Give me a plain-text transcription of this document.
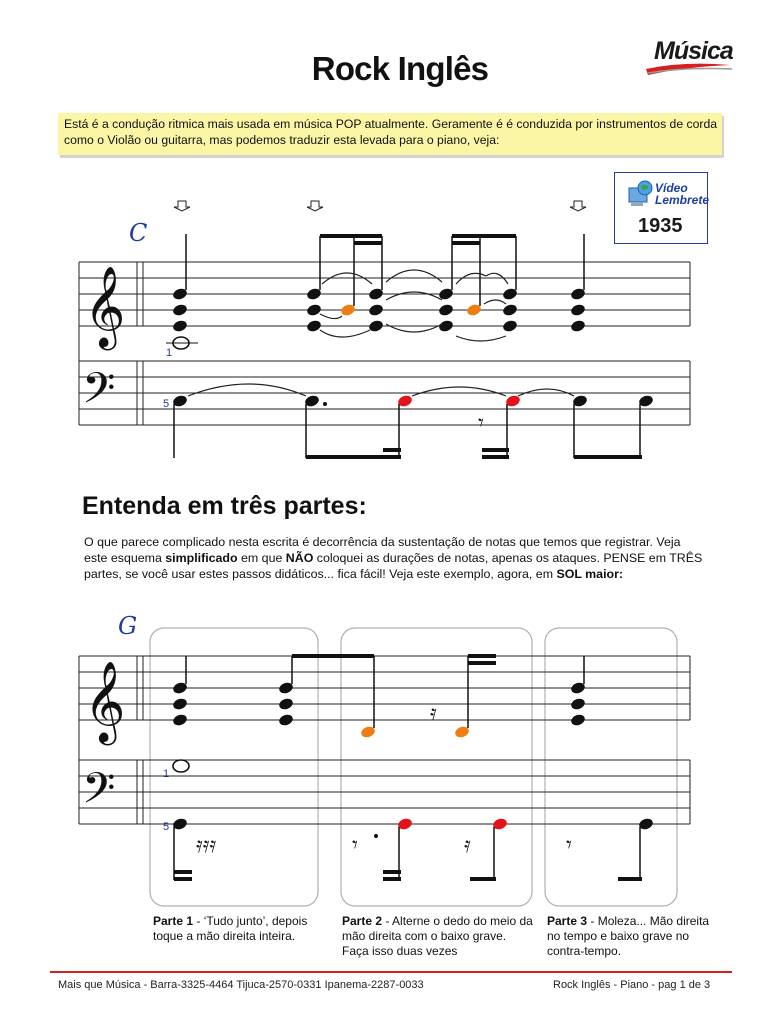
Rock Inglês	Música
Está é a condução ritmica mais usada em música POP atualmente. Geramente é é conduzida por instrumentos de corda como o Violão ou guitarra, mas podemos traduzir esta levada para o piano, veja:
Vídeo
Lembrete
1935
C
1
5
𝄞
𝄢	𝄾
Entenda em três partes:
O que parece complicado nesta escrita é decorrência da sustentação de notas que temos que registrar. Veja este esquema simplificado em que NÃO coloquei as durações de notas, apenas os ataques. PENSE em TRÊS partes, se você usar estes passos didáticos... fica fácil! Veja este exemplo, agora, em SOL maior:
G
1
5
𝄞
𝄢
𝄿𝄿𝄿
𝄿
𝄾	𝄿	𝄾
Parte 1 - ‘Tudo junto’, depois toque a mão direita inteira.
Parte 2 - Alterne o dedo do meio da mão direita com o baixo grave. Faça isso duas vezes
Parte 3 - Moleza... Mão direita no tempo e baixo grave no contra-tempo.
Mais que Música - Barra-3325-4464 Tijuca-2570-0331 Ipanema-2287-0033	Rock Inglês - Piano - pag 1 de 3
